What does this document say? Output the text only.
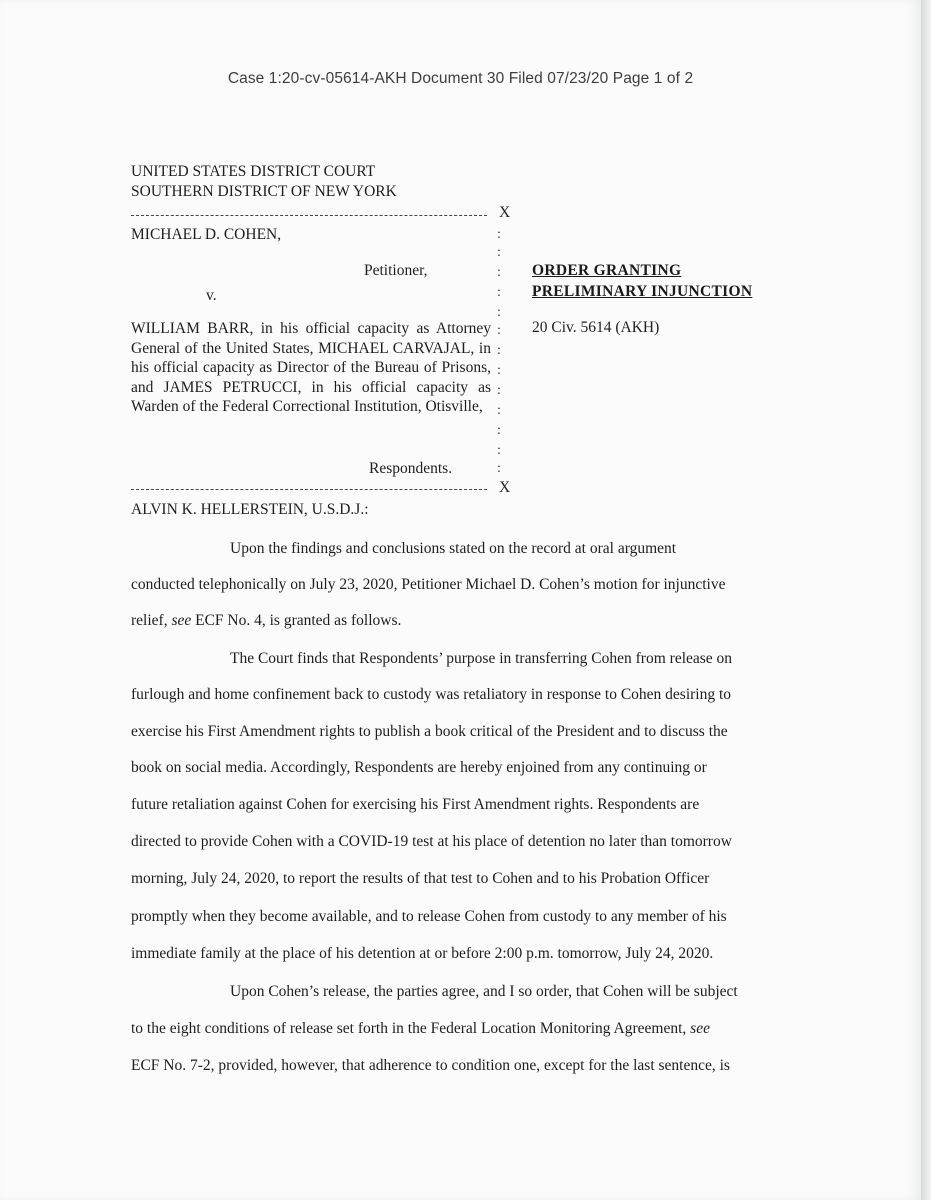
Case 1:20-cv-05614-AKH Document 30 Filed 07/23/20 Page 1 of 2
UNITED STATES DISTRICT COURT
SOUTHERN DISTRICT OF NEW YORK
X
:
:
:
:
:
:
:
:
:
:
:
:
:
MICHAEL D. COHEN,
Petitioner,
v.
WILLIAM BARR, in his official capacity as Attorney General of the United States, MICHAEL CARVAJAL, in his official capacity as Director of the Bureau of Prisons, and JAMES PETRUCCI, in his official capacity as Warden of the Federal Correctional Institution, Otisville,
Respondents.
X
ALVIN K. HELLERSTEIN, U.S.D.J.:
ORDER GRANTING
PRELIMINARY INJUNCTION
20 Civ. 5614 (AKH)
Upon the findings and conclusions stated on the record at oral argument
conducted telephonically on July 23, 2020, Petitioner Michael D. Cohen’s motion for injunctive
relief, see ECF No. 4, is granted as follows.
The Court finds that Respondents’ purpose in transferring Cohen from release on
furlough and home confinement back to custody was retaliatory in response to Cohen desiring to
exercise his First Amendment rights to publish a book critical of the President and to discuss the
book on social media. Accordingly, Respondents are hereby enjoined from any continuing or
future retaliation against Cohen for exercising his First Amendment rights. Respondents are
directed to provide Cohen with a COVID-19 test at his place of detention no later than tomorrow
morning, July 24, 2020, to report the results of that test to Cohen and to his Probation Officer
promptly when they become available, and to release Cohen from custody to any member of his
immediate family at the place of his detention at or before 2:00 p.m. tomorrow, July 24, 2020.
Upon Cohen’s release, the parties agree, and I so order, that Cohen will be subject
to the eight conditions of release set forth in the Federal Location Monitoring Agreement, see
ECF No. 7-2, provided, however, that adherence to condition one, except for the last sentence, is
